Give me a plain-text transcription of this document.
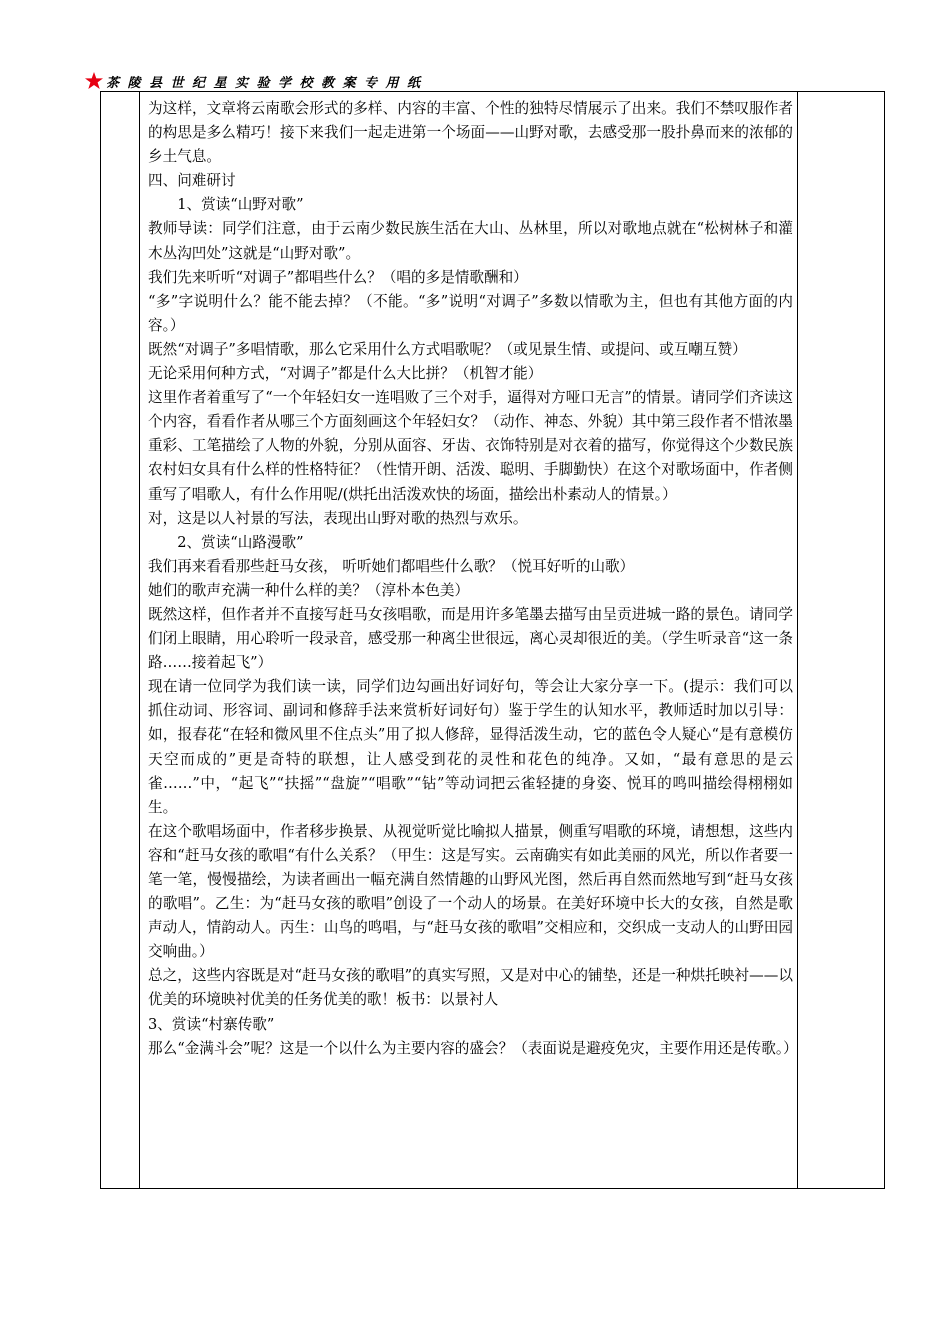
茶陵县世纪星实验学校教案专用纸

为这样，文章将云南歌会形式的多样、内容的丰富、个性的独特尽情展示了出来。我们不禁叹服作者的构思是多么精巧！接下来我们一起走进第一个场面——山野对歌，去感受那一股扑鼻而来的浓郁的乡土气息。

四、问难研讨

1、赏读“山野对歌”

教师导读：同学们注意，由于云南少数民族生活在大山、丛林里，所以对歌地点就在“松树林子和灌木丛沟凹处”这就是“山野对歌”。

我们先来听听“对调子”都唱些什么？（唱的多是情歌酬和）

“多”字说明什么？能不能去掉？（不能。“多”说明“对调子”多数以情歌为主，但也有其他方面的内容。）

既然“对调子”多唱情歌，那么它采用什么方式唱歌呢？（或见景生情、或提问、或互嘲互赞）

无论采用何种方式，“对调子”都是什么大比拼？（机智才能）

这里作者着重写了“一个年轻妇女一连唱败了三个对手，逼得对方哑口无言”的情景。请同学们齐读这个内容，看看作者从哪三个方面刻画这个年轻妇女？（动作、神态、外貌）其中第三段作者不惜浓墨重彩、工笔描绘了人物的外貌，分别从面容、牙齿、衣饰特别是对衣着的描写，你觉得这个少数民族农村妇女具有什么样的性格特征？（性情开朗、活泼、聪明、手脚勤快）在这个对歌场面中，作者侧重写了唱歌人，有什么作用呢/(烘托出活泼欢快的场面，描绘出朴素动人的情景。）

对，这是以人衬景的写法，表现出山野对歌的热烈与欢乐。

2、赏读“山路漫歌”

我们再来看看那些赶马女孩， 听听她们都唱些什么歌？（悦耳好听的山歌）

她们的歌声充满一种什么样的美？（淳朴本色美）

既然这样，但作者并不直接写赶马女孩唱歌，而是用许多笔墨去描写由呈贡进城一路的景色。请同学们闭上眼睛，用心聆听一段录音，感受那一种离尘世很远，离心灵却很近的美。（学生听录音“这一条路……接着起飞”）

现在请一位同学为我们读一读，同学们边勾画出好词好句，等会让大家分享一下。(提示：我们可以抓住动词、形容词、副词和修辞手法来赏析好词好句）鉴于学生的认知水平，教师适时加以引导：如，报春花“在轻和微风里不住点头”用了拟人修辞，显得活泼生动，它的蓝色令人疑心“是有意模仿天空而成的”更是奇特的联想，让人感受到花的灵性和花色的纯净。又如，“最有意思的是云雀……”中，“起飞”“扶摇”“盘旋”“唱歌”“钻”等动词把云雀轻捷的身姿、悦耳的鸣叫描绘得栩栩如生。

在这个歌唱场面中，作者移步换景、从视觉听觉比喻拟人描景，侧重写唱歌的环境，请想想，这些内容和“赶马女孩的歌唱“有什么关系？（甲生：这是写实。云南确实有如此美丽的风光，所以作者要一笔一笔，慢慢描绘，为读者画出一幅充满自然情趣的山野风光图，然后再自然而然地写到“赶马女孩的歌唱”。乙生：为“赶马女孩的歌唱”创设了一个动人的场景。在美好环境中长大的女孩，自然是歌声动人，情韵动人。丙生：山鸟的鸣唱，与“赶马女孩的歌唱”交相应和，交织成一支动人的山野田园交响曲。）

总之，这些内容既是对“赶马女孩的歌唱”的真实写照，又是对中心的铺垫，还是一种烘托映衬——以优美的环境映衬优美的任务优美的歌！板书：以景衬人

3、赏读“村寨传歌”

那么“金满斗会”呢？这是一个以什么为主要内容的盛会？（表面说是避疫免灾，主要作用还是传歌。）
